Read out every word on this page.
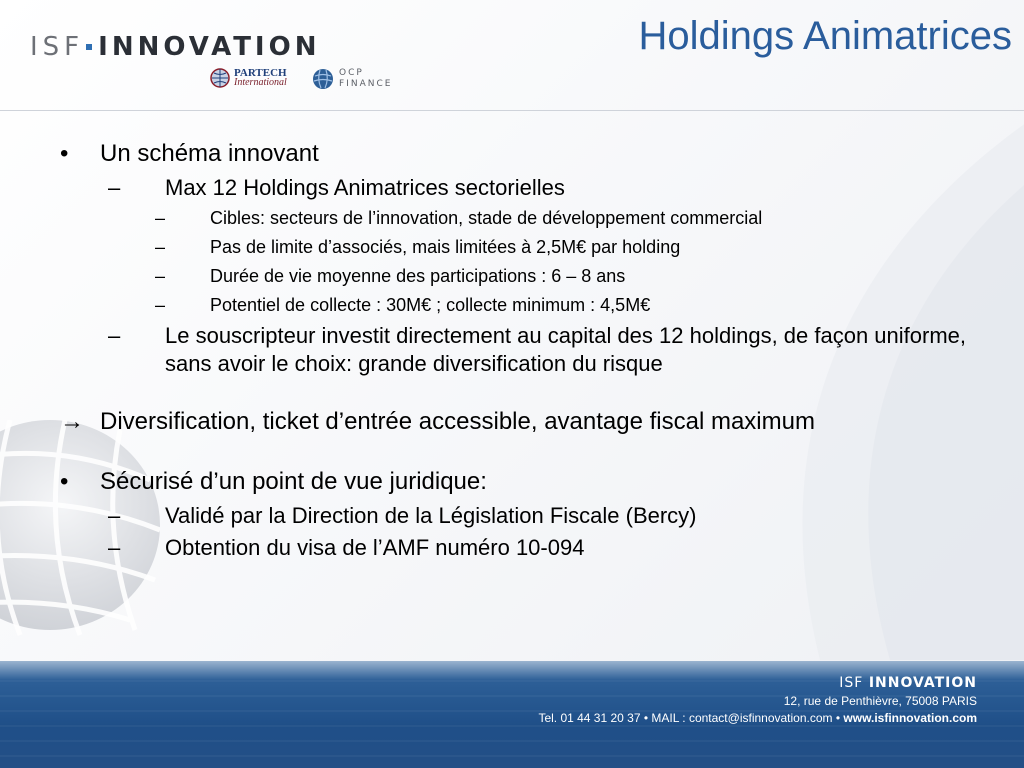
ISF INNOVATION
PARTECH
International
OCP
FINANCE
Holdings Animatrices
• Un schéma innovant
– Max 12 Holdings Animatrices sectorielles
– Cibles: secteurs de l’innovation, stade de développement commercial
– Pas de limite d’associés, mais limitées à 2,5M€ par holding
– Durée de vie moyenne des participations : 6 – 8 ans
– Potentiel de collecte : 30M€ ; collecte minimum : 4,5M€
– Le souscripteur investit directement au capital des 12 holdings, de façon uniforme, sans avoir le choix: grande diversification du risque
→ Diversification, ticket d’entrée accessible, avantage fiscal maximum
• Sécurisé d’un point de vue juridique:
– Validé par la Direction de la Législation Fiscale (Bercy)
– Obtention du visa de l’AMF numéro 10-094
ISF INNOVATION
12, rue de Penthièvre, 75008 PARIS
Tel. 01 44 31 20 37 • MAIL : contact@isfinnovation.com • www.isfinnovation.com
